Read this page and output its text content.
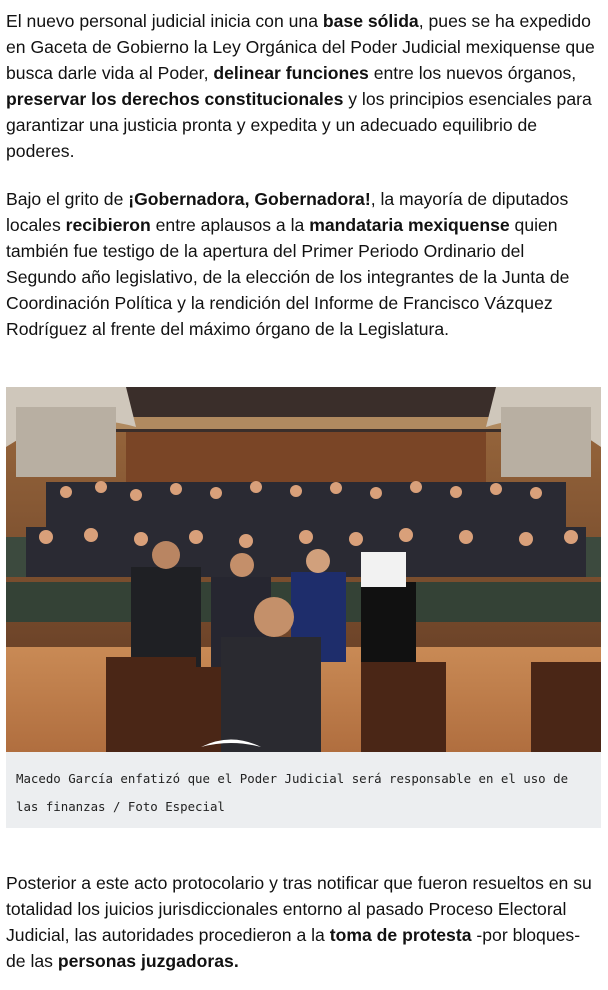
El nuevo personal judicial inicia con una base sólida, pues se ha expedido en Gaceta de Gobierno la Ley Orgánica del Poder Judicial mexiquense que busca darle vida al Poder, delinear funciones entre los nuevos órganos, preservar los derechos constitucionales y los principios esenciales para garantizar una justicia pronta y expedita y un adecuado equilibrio de poderes.

Bajo el grito de ¡Gobernadora, Gobernadora!, la mayoría de diputados locales recibieron entre aplausos a la mandataria mexiquense quien también fue testigo de la apertura del Primer Periodo Ordinario del Segundo año legislativo, de la elección de los integrantes de la Junta de Coordinación Política y la rendición del Informe de Francisco Vázquez Rodríguez al frente del máximo órgano de la Legislatura.

Posterior a este acto protocolario y tras notificar que fueron resueltos en su totalidad los juicios jurisdiccionales entorno al pasado Proceso Electoral Judicial, las autoridades procedieron a la toma de protesta -por bloques- de las personas juzgadoras.

Macedo García enfatizó que el Poder Judicial será responsable en el uso de las finanzas / Foto Especial
